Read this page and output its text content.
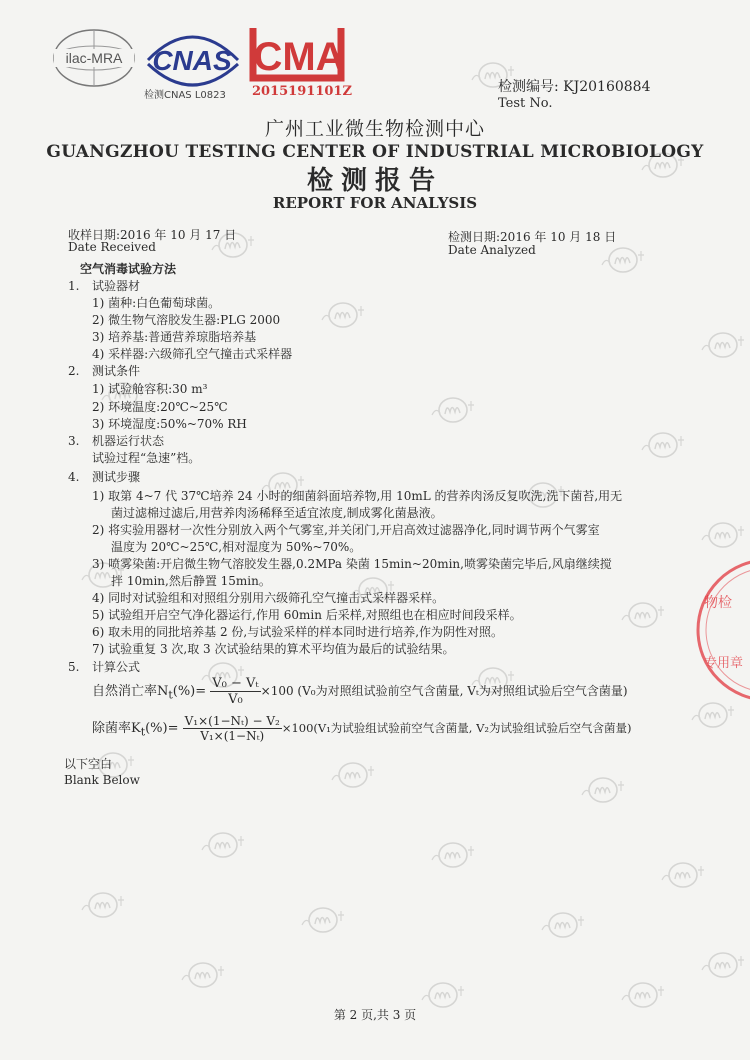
ilac-MRA CNAS
检测CNAS L0823
CMA
2015191101Z	检测编号: KJ20160884
Test No.
广州工业微生物检测中心
GUANGZHOU TESTING CENTER OF INDUSTRIAL MICROBIOLOGY
检测报告
REPORT FOR ANALYSIS
收样日期:2016 年 10 月 17 日
Date Received
检测日期:2016 年 10 月 18 日
Date Analyzed
空气消毒试验方法
1. 试验器材
1) 菌种:白色葡萄球菌。
2) 微生物气溶胶发生器:PLG 2000
3) 培养基:普通营养琼脂培养基
4) 采样器:六级筛孔空气撞击式采样器
2. 测试条件
1) 试验舱容积:30 m³
2) 环境温度:20℃~25℃
3) 环境湿度:50%~70% RH
3. 机器运行状态
试验过程“急速”档。
4. 测试步骤
1) 取第 4~7 代 37℃培养 24 小时的细菌斜面培养物,用 10mL 的营养肉汤反复吹洗,洗下菌苔,用无
菌过滤棉过滤后,用营养肉汤稀释至适宜浓度,制成雾化菌悬液。
2) 将实验用器材一次性分别放入两个气雾室,并关闭门,开启高效过滤器净化,同时调节两个气雾室
温度为 20℃~25℃,相对湿度为 50%~70%。
3) 喷雾染菌:开启微生物气溶胶发生器,0.2MPa 染菌 15min~20min,喷雾染菌完毕后,风扇继续搅
拌 10min,然后静置 15min。
4) 同时对试验组和对照组分别用六级筛孔空气撞击式采样器采样。
5) 试验组开启空气净化器运行,作用 60min 后采样,对照组也在相应时间段采样。
6) 取未用的同批培养基 2 份,与试验采样的样本同时进行培养,作为阴性对照。
7) 试验重复 3 次,取 3 次试验结果的算术平均值为最后的试验结果。
5. 计算公式
自然消亡率$N_t(\%)= \frac{\text{V₀ − Vₜ}}{\text{V₀}} \times 100$ (V₀为对照组试验前空气含菌量, Vₜ为对照组试验后空气含菌量)
除菌率$K_t(\%)= \frac{\text{V₁×(1−Nₜ) − V₂}}{\text{V₁×(1−Nₜ)}} \times 100(V_1$为试验组试验前空气含菌量, V₂为试验组试验后空气含菌量)
以下空白
Blank Below
物检
专用章
第 2 页,共 3 页
